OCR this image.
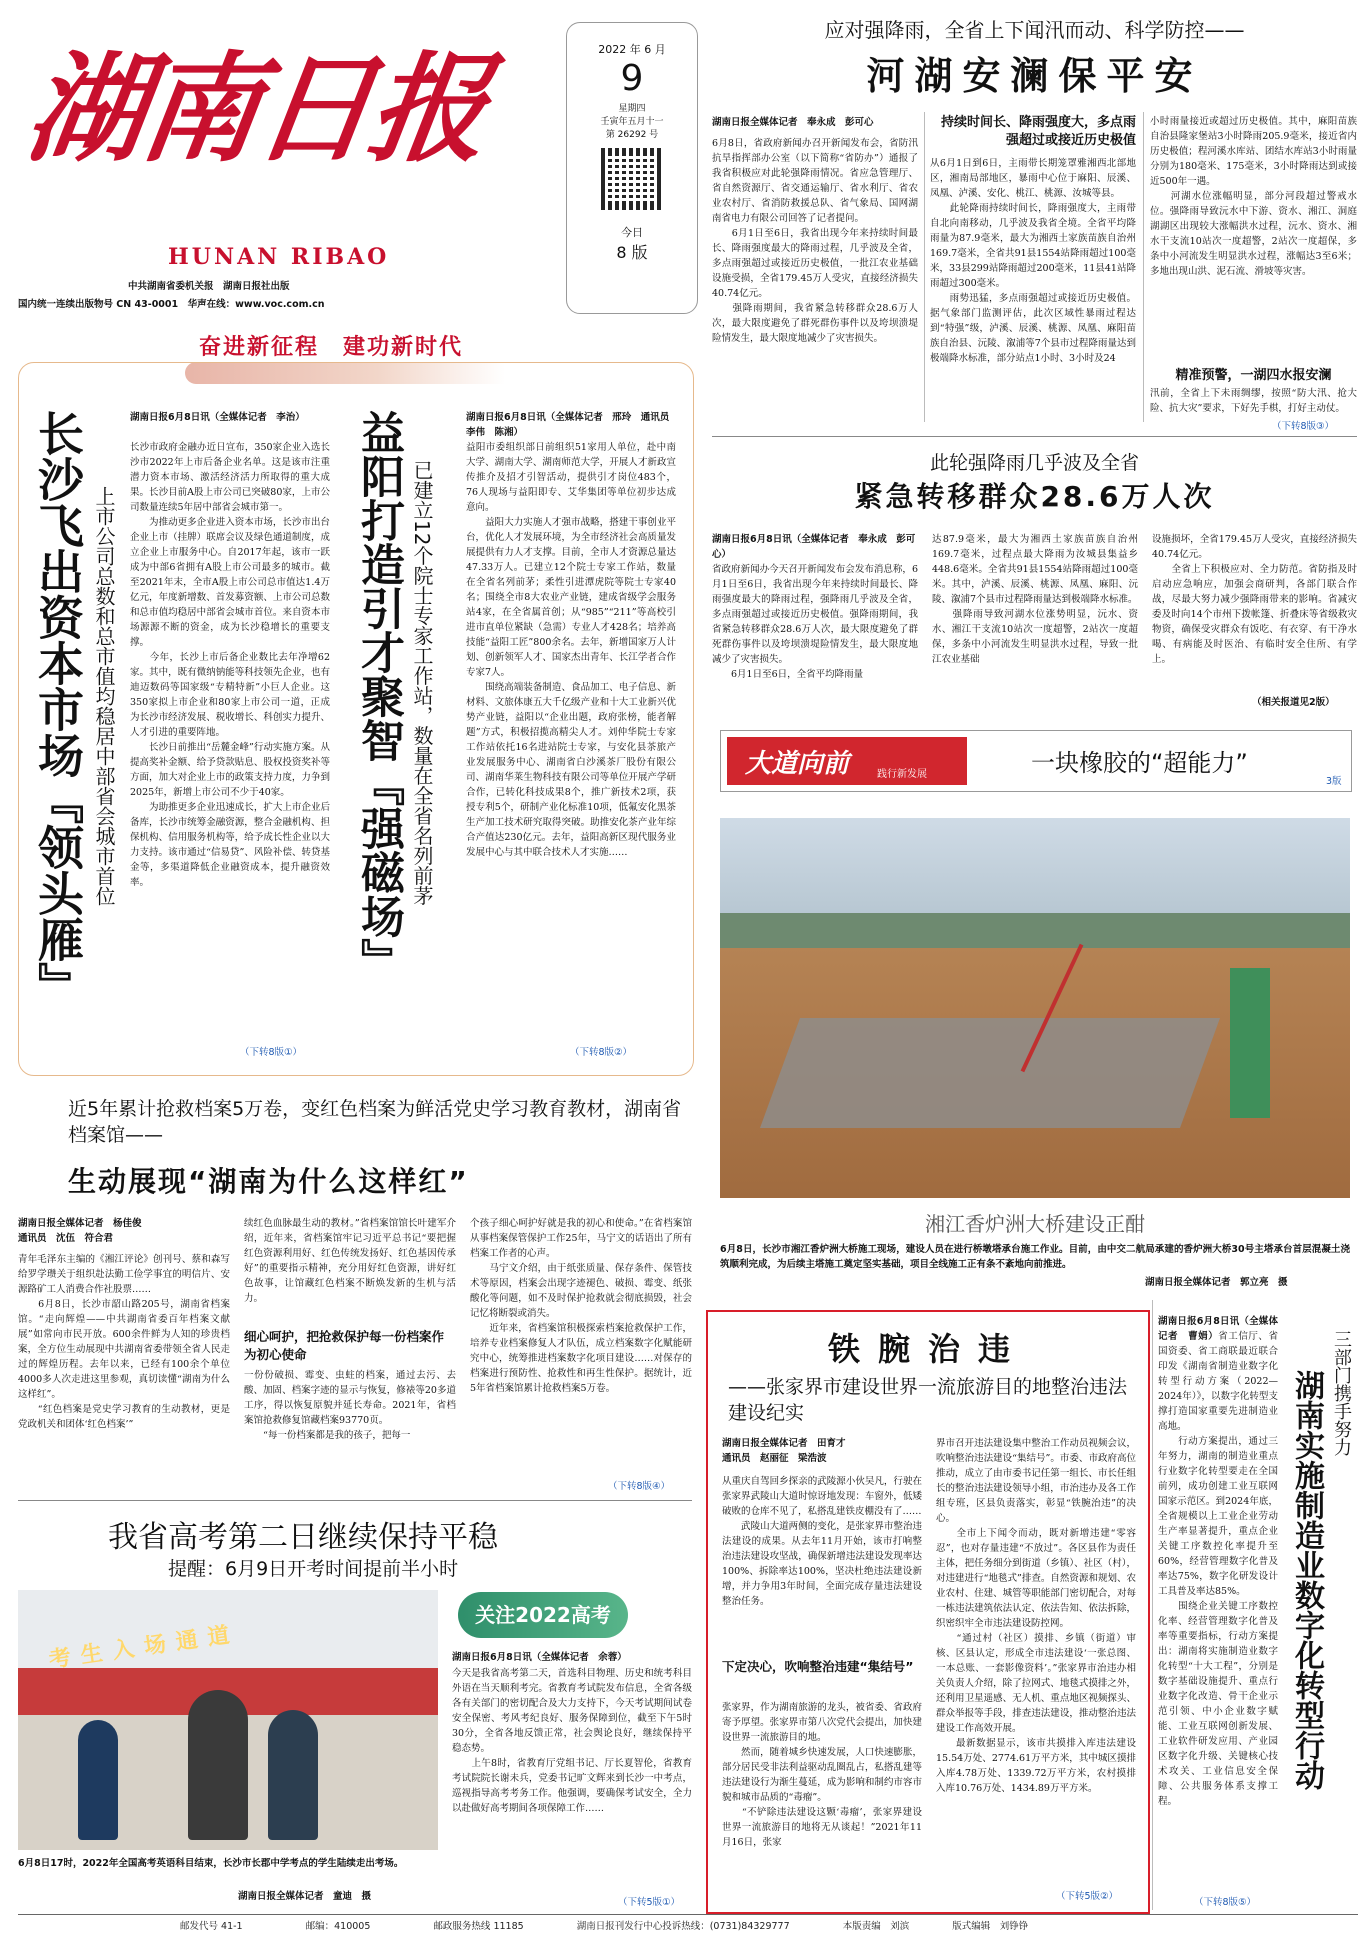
湖南日报
HUNAN RIBAO
中共湖南省委机关报　湖南日报社出版
国内统一连续出版物号 CN 43-0001　华声在线：www.voc.com.cn
2022 年 6 月
9
星期四
壬寅年五月十一
第 26292 号
今日
8 版
应对强降雨，全省上下闻汛而动、科学防控——
河湖安澜保平安
湖南日报全媒体记者　奉永成　彭可心
6月8日，省政府新闻办召开新闻发布会，省防汛抗旱指挥部办公室（以下简称“省防办”）通报了我省积极应对此轮强降雨情况。省应急管理厅、省自然资源厅、省交通运输厅、省水利厅、省农业农村厅、省消防救援总队、省气象局、国网湖南省电力有限公司回答了记者提问。
　　6月1日至6日，我省出现今年来持续时间最长、降雨强度最大的降雨过程，几乎波及全省，多点雨强超过或接近历史极值，一批江农业基础设施受损，全省179.45万人受灾，直接经济损失40.74亿元。
　　强降雨期间，我省紧急转移群众28.6万人次，最大限度避免了群死群伤事件以及垮坝溃堤险情发生，最大限度地减少了灾害损失。
持续时间长、降雨强度大，多点雨强超过或接近历史极值
从6月1日到6日，主雨带长期笼罩雅湘西北部地区，湘南局部地区，暴雨中心位于麻阳、辰溪、凤凰、泸溪、安化、桃江、桃源、汝城等县。
　　此轮降雨持续时间长，降雨强度大，主雨带自北向南移动，几乎波及我省全境。全省平均降雨量为87.9毫米，最大为湘西土家族苗族自治州169.7毫米，全省共91县1554站降雨超过100毫米，33县299站降雨超过200毫米，11县41站降雨超过300毫米。
　　雨势迅猛，多点雨强超过或接近历史极值。据气象部门监测评估，此次区域性暴雨过程达到“特强”级，泸溪、辰溪、桃源、凤凰、麻阳苗族自治县、沅陵、溆浦等7个县市过程降雨量达到极端降水标准，部分站点1小时、3小时及24
小时雨量接近或超过历史极值。其中，麻阳苗族自治县隆家堡站3小时降雨205.9毫米，接近省内历史极值；程河溪水库站、团结水库站3小时雨量分别为180毫米、175毫米，3小时降雨达到或接近500年一遇。
　　河湖水位涨幅明显，部分河段超过警戒水位。强降雨导致沅水中下游、资水、湘江、洞庭湖湖区出现较大涨幅洪水过程，沅水、资水、湘水干支流10站次一度超警，2站次一度超保，多条中小河流发生明显洪水过程，涨幅达3至6米；多地出现山洪、泥石流、滑坡等灾害。
精准预警，一湖四水报安澜
汛前，全省上下未雨绸缪，按照“防大汛、抢大险、抗大灾”要求，下好先手棋，打好主动仗。
（下转8版③）
奋进新征程　建功新时代
长沙飞出资本市场『领头雁』 上市公司总数和总市值均稳居中部省会城市首位
湖南日报6月8日讯（全媒体记者　李治）
长沙市政府金融办近日宣布，350家企业入选长沙市2022年上市后备企业名单。这是该市注重潜力资本市场、激活经济活力所取得的重大成果。长沙目前A股上市公司已突破80家，上市公司数量连续5年居中部省会城市第一。
　　为推动更多企业进入资本市场，长沙市出台企业上市（挂牌）联席会议及绿色通道制度，成立企业上市服务中心。自2017年起，该市一跃成为中部6省拥有A股上市公司最多的城市。截至2021年末，全市A股上市公司总市值达1.4万亿元，年度新增数、首发募资额、上市公司总数和总市值均稳居中部省会城市首位。来自资本市场源源不断的资金，成为长沙稳增长的重要支撑。
　　今年，长沙上市后备企业数比去年净增62家。其中，既有微纳钠能等科技领先企业，也有迪迈数码等国家级“专精特新”小巨人企业。这350家拟上市企业和80家上市公司一道，正成为长沙市经济发展、税收增长、科创实力提升、人才引进的重要阵地。
　　长沙日前推出“岳麓金峰”行动实施方案。从提高奖补金额、给予贷款贴息、股权投资奖补等方面，加大对企业上市的政策支持力度，力争到2025年，新增上市公司不少于40家。
　　为助推更多企业迅速成长，扩大上市企业后备库，长沙市统筹金融资源，整合金融机构、担保机构、信用服务机构等，给予成长性企业以大力支持。该市通过“信易贷”、风险补偿、转贷基金等，多渠道降低企业融资成本，提升融资效率。
（下转8版①）
益阳打造引才聚智『强磁场』 已建立12个院士专家工作站，数量在全省名列前茅
湖南日报6月8日讯（全媒体记者　邢玲　通讯员　李伟　陈湘）
益阳市委组织部日前组织51家用人单位，赴中南大学、湖南大学、湖南师范大学，开展人才新政宣传推介及招才引智活动，提供引才岗位483个，76人现场与益阳即专、艾华集团等单位初步达成意向。
　　益阳大力实施人才强市战略，搭建干事创业平台，优化人才发展环境，为全市经济社会高质量发展提供有力人才支撑。目前，全市人才资源总量达47.33万人。已建立12个院士专家工作站，数量在全省名列前茅；柔性引进潭虎院等院士专家40名；围绕全市8大农业产业链，建成省级学会服务站4家，在全省属首创；从“985”“211”等高校引进市直单位紧缺（急需）专业人才428名；培养高技能“益阳工匠”800余名。去年，新增国家万人计划、创新领军人才、国家杰出青年、长江学者合作专家7人。
　　围绕高端装备制造、食品加工、电子信息、新材料、文旅体康五大千亿级产业和十大工业新兴优势产业链，益阳以“企业出题，政府张榜，能者解题”方式，积极招揽高精尖人才。刘仲华院士专家工作站依托16名进站院士专家，与安化县茶旅产业发展服务中心、湖南省白沙溪茶厂股份有限公司、湖南华莱生物科技有限公司等单位开展产学研合作，已转化科技成果8个，推广新技术2项，获授专利5个，研制产业化标准10项，低氟安化黑茶生产加工技术研究取得突破。助推安化茶产业年综合产值达230亿元。去年，益阳高新区现代服务业发展中心与其中联合技术人才实施……
（下转8版②）
此轮强降雨几乎波及全省
紧急转移群众28.6万人次
湖南日报6月8日讯（全媒体记者　奉永成　彭可心）
省政府新闻办今天召开新闻发布会发布消息称，6月1日至6日，我省出现今年来持续时间最长、降雨强度最大的降雨过程，强降雨几乎波及全省，多点雨强超过或接近历史极值。强降雨期间，我省紧急转移群众28.6万人次，最大限度避免了群死群伤事件以及垮坝溃堤险情发生，最大限度地减少了灾害损失。
　　6月1日至6日，全省平均降雨量
达87.9毫米，最大为湘西土家族苗族自治州169.7毫米，过程点最大降雨为汝城县集益乡448.6毫米。全省共91县1554站降雨超过100毫米。其中，泸溪、辰溪、桃源、凤凰、麻阳、沅陵、溆浦7个县市过程降雨量达到极端降水标准。
　　强降雨导致河湖水位涨势明显，沅水、资水、湘江干支流10站次一度超警，2站次一度超保，多条中小河流发生明显洪水过程，导致一批江农业基础
设施损坏，全省179.45万人受灾，直接经济损失40.74亿元。
　　全省上下积极应对、全力防范。省防指及时启动应急响应，加强会商研判，各部门联合作战，尽最大努力减少强降雨带来的影响。省减灾委及时向14个市州下拨帐篷、折叠床等省级救灾物资，确保受灾群众有饭吃、有衣穿、有干净水喝、有病能及时医治、有临时安全住所、有学上。
（相关报道见2版）
大道向前	践行新发展	一块橡胶的“超能力”
3版
湘江香炉洲大桥建设正酣
6月8日，长沙市湘江香炉洲大桥施工现场，建设人员在进行桥墩塔承台施工作业。目前，由中交二航局承建的香炉洲大桥30号主塔承台首层混凝土浇筑顺利完成，为后续主塔施工奠定坚实基础，项目全线施工正有条不紊地向前推进。
湖南日报全媒体记者　郭立亮　摄
近5年累计抢救档案5万卷，变红色档案为鲜活党史学习教育教材，湖南省档案馆——
生动展现“湖南为什么这样红”
湖南日报全媒体记者　杨佳俊
通讯员　沈伍　符合君
青年毛泽东主编的《湘江评论》创刊号、蔡和森写给罗学瓒关于组织赴法勤工俭学事宜的明信片、安源路矿工人消费合作社股票……
　　6月8日，长沙市韶山路205号，湖南省档案馆。“走向辉煌——中共湖南省委百年档案文献展”如常向市民开放。600余件鲜为人知的珍贵档案，全方位生动展现中共湖南省委带领全省人民走过的辉煌历程。去年以来，已经有100余个单位4000多人次走进这里参观，真切读懂“湖南为什么这样红”。
　　“红色档案是党史学习教育的生动教材，更是党政机关和团体‘红色档案’”
续红色血脉最生动的教材。”省档案馆馆长叶建军介绍，近年来，省档案馆牢记习近平总书记“要把握红色资源利用好、红色传统发扬好、红色基因传承好”的重要指示精神，充分用好红色资源，讲好红色故事，让馆藏红色档案不断焕发新的生机与活力。
细心呵护，把抢救保护每一份档案作为初心使命
一份份破损、霉变、虫蛀的档案，通过去污、去酸、加固、档案字迹的显示与恢复，修裱等20多道工序，得以恢复原貌并延长寿命。2021年，省档案馆抢救修复馆藏档案93770页。
　　“每一份档案都是我的孩子，把每一
个孩子细心呵护好就是我的初心和使命。”在省档案馆从事档案保管保护工作25年，马宁文的话语出了所有档案工作者的心声。
　　马宁文介绍，由于纸张质量、保存条件、保管技术等原因，档案会出现字迹褪色、破损、霉变、纸张酸化等问题，如不及时保护抢救就会彻底损毁，社会记忆将断裂或消失。
　　近年来，省档案馆积极探索档案抢救保护工作，培养专业档案修复人才队伍，成立档案数字化赋能研究中心，统筹推进档案数字化项目建设……对保存的档案进行预防性、抢救性和再生性保护。据统计，近5年省档案馆累计抢救档案5万卷。
（下转8版④）
我省高考第二日继续保持平稳
提醒：6月9日开考时间提前半小时
考生入场通道
6月8日17时，2022年全国高考英语科目结束，长沙市长郡中学考点的学生陆续走出考场。
湖南日报全媒体记者　童迪　摄
关注2022高考
湖南日报6月8日讯（全媒体记者　余蓉）
今天是我省高考第二天，首选科目物理、历史和统考科目外语在当天顺利考完。省教育考试院发布信息，全省各级各有关部门的密切配合及大力支持下，今天考试期间试卷安全保密、考风考纪良好、服务保障到位，截至下午5时30分，全省各地反馈正常，社会舆论良好，继续保持平稳态势。
　　上午8时，省教育厅党组书记、厅长夏智伦，省教育考试院院长谢未兵，党委书记旷文辉来到长沙一中考点，巡视指导高考考务工作。他强调，要确保考试安全，全力以赴做好高考期间各项保障工作……
（下转5版①）
铁腕治违
——张家界市建设世界一流旅游目的地整治违法建设纪实
湖南日报全媒体记者　田育才
通讯员　赵丽征　梁浩波
从重庆自驾回乡探亲的武陵源小伙吴凡，行驶在张家界武陵山大道时惊讶地发现：车窗外，低矮破败的仓库不见了，私搭乱建铁皮棚没有了……
　　武陵山大道两侧的变化，是张家界市整治违法建设的成果。从去年11月开始，该市打响整治违法建设攻坚战，确保新增违法建设发现率达100%、拆除率达100%，坚决杜绝违法建设新增，并力争用3年时间，全面完成存量违法建设整治任务。
下定决心，吹响整治违建“集结号”
张家界，作为湖南旅游的龙头，被省委、省政府寄予厚望。张家界市第八次党代会提出，加快建设世界一流旅游目的地。
　　然而，随着城乡快速发展，人口快速膨胀，部分居民受非法利益驱动乱圈乱占，私搭乱建等违法建设行为渐生蔓延，成为影响和制约市容市貌和城市品质的“毒瘤”。
　　“不铲除违法建设这颗‘毒瘤’，张家界建设世界一流旅游目的地将无从谈起！”2021年11月16日，张家
界市召开违法建设集中整治工作动员视频会议，吹响整治违法建设“集结号”。市委、市政府高位推动，成立了由市委书记任第一组长、市长任组长的整治违法建设领导小组，市治违办及各工作组专班，区县负责落实，彰显“铁腕治违”的决心。
　　全市上下闻令而动，既对新增违建“零容忍”，也对存量违建“不放过”。各区县作为责任主体，把任务细分到街道（乡镇）、社区（村），对违建进行“地毯式”排查。自然资源和规划、农业农村、住建、城管等职能部门密切配合，对每一栋违法建筑依法认定、依法告知、依法拆除，织密织牢全市违法建设防控网。
　　“通过村（社区）摸排、乡镇（街道）审核、区县认定，形成全市违法建设‘一张总图、一本总账、一套影像资料’。”张家界市治违办相关负责人介绍，除了拉网式、地毯式摸排之外，还利用卫星遥感、无人机、重点地区视频探头、群众举报等手段，排查违法建设，推动整治违法建设工作高效开展。
　　最新数据显示，该市共摸排入库违法建设15.54万处、2774.61万平方米，其中城区摸排入库4.78万处、1339.72万平方米，农村摸排入库10.76万处、1434.89万平方米。
（下转5版②）
湖南日报6月8日讯（全媒体记者　曹娟）省工信厅、省国资委、省工商联最近联合印发《湖南省制造业数字化转型行动方案（2022—2024年）》，以数字化转型支撑打造国家重要先进制造业高地。
　　行动方案提出，通过三年努力，湖南的制造业重点行业数字化转型要走在全国前列，成功创建工业互联网国家示范区。到2024年底，全省规模以上工业企业劳动生产率显著提升，重点企业关键工序数控化率提升至60%，经营管理数字化普及率达75%，数字化研发设计工具普及率达85%。
　　围绕企业关键工序数控化率、经营管理数字化普及率等重要指标，行动方案提出：湖南将实施制造业数字化转型“十大工程”，分别是数字基础设施提升、重点行业数字化改造、骨干企业示范引领、中小企业数字赋能、工业互联网创新发展、工业软件研发应用、产业园区数字化升级、关键核心技术攻关、工业信息安全保障、公共服务体系支撑工程。
三部门携手努力
湖南实施制造业数字化转型行动
（下转8版⑤）
邮发代号 41-1	邮编：410005	邮政服务热线 11185	湖南日报刊发行中心投诉热线：(0731)84329777	本版责编　刘滨	版式编辑　刘铮铮
